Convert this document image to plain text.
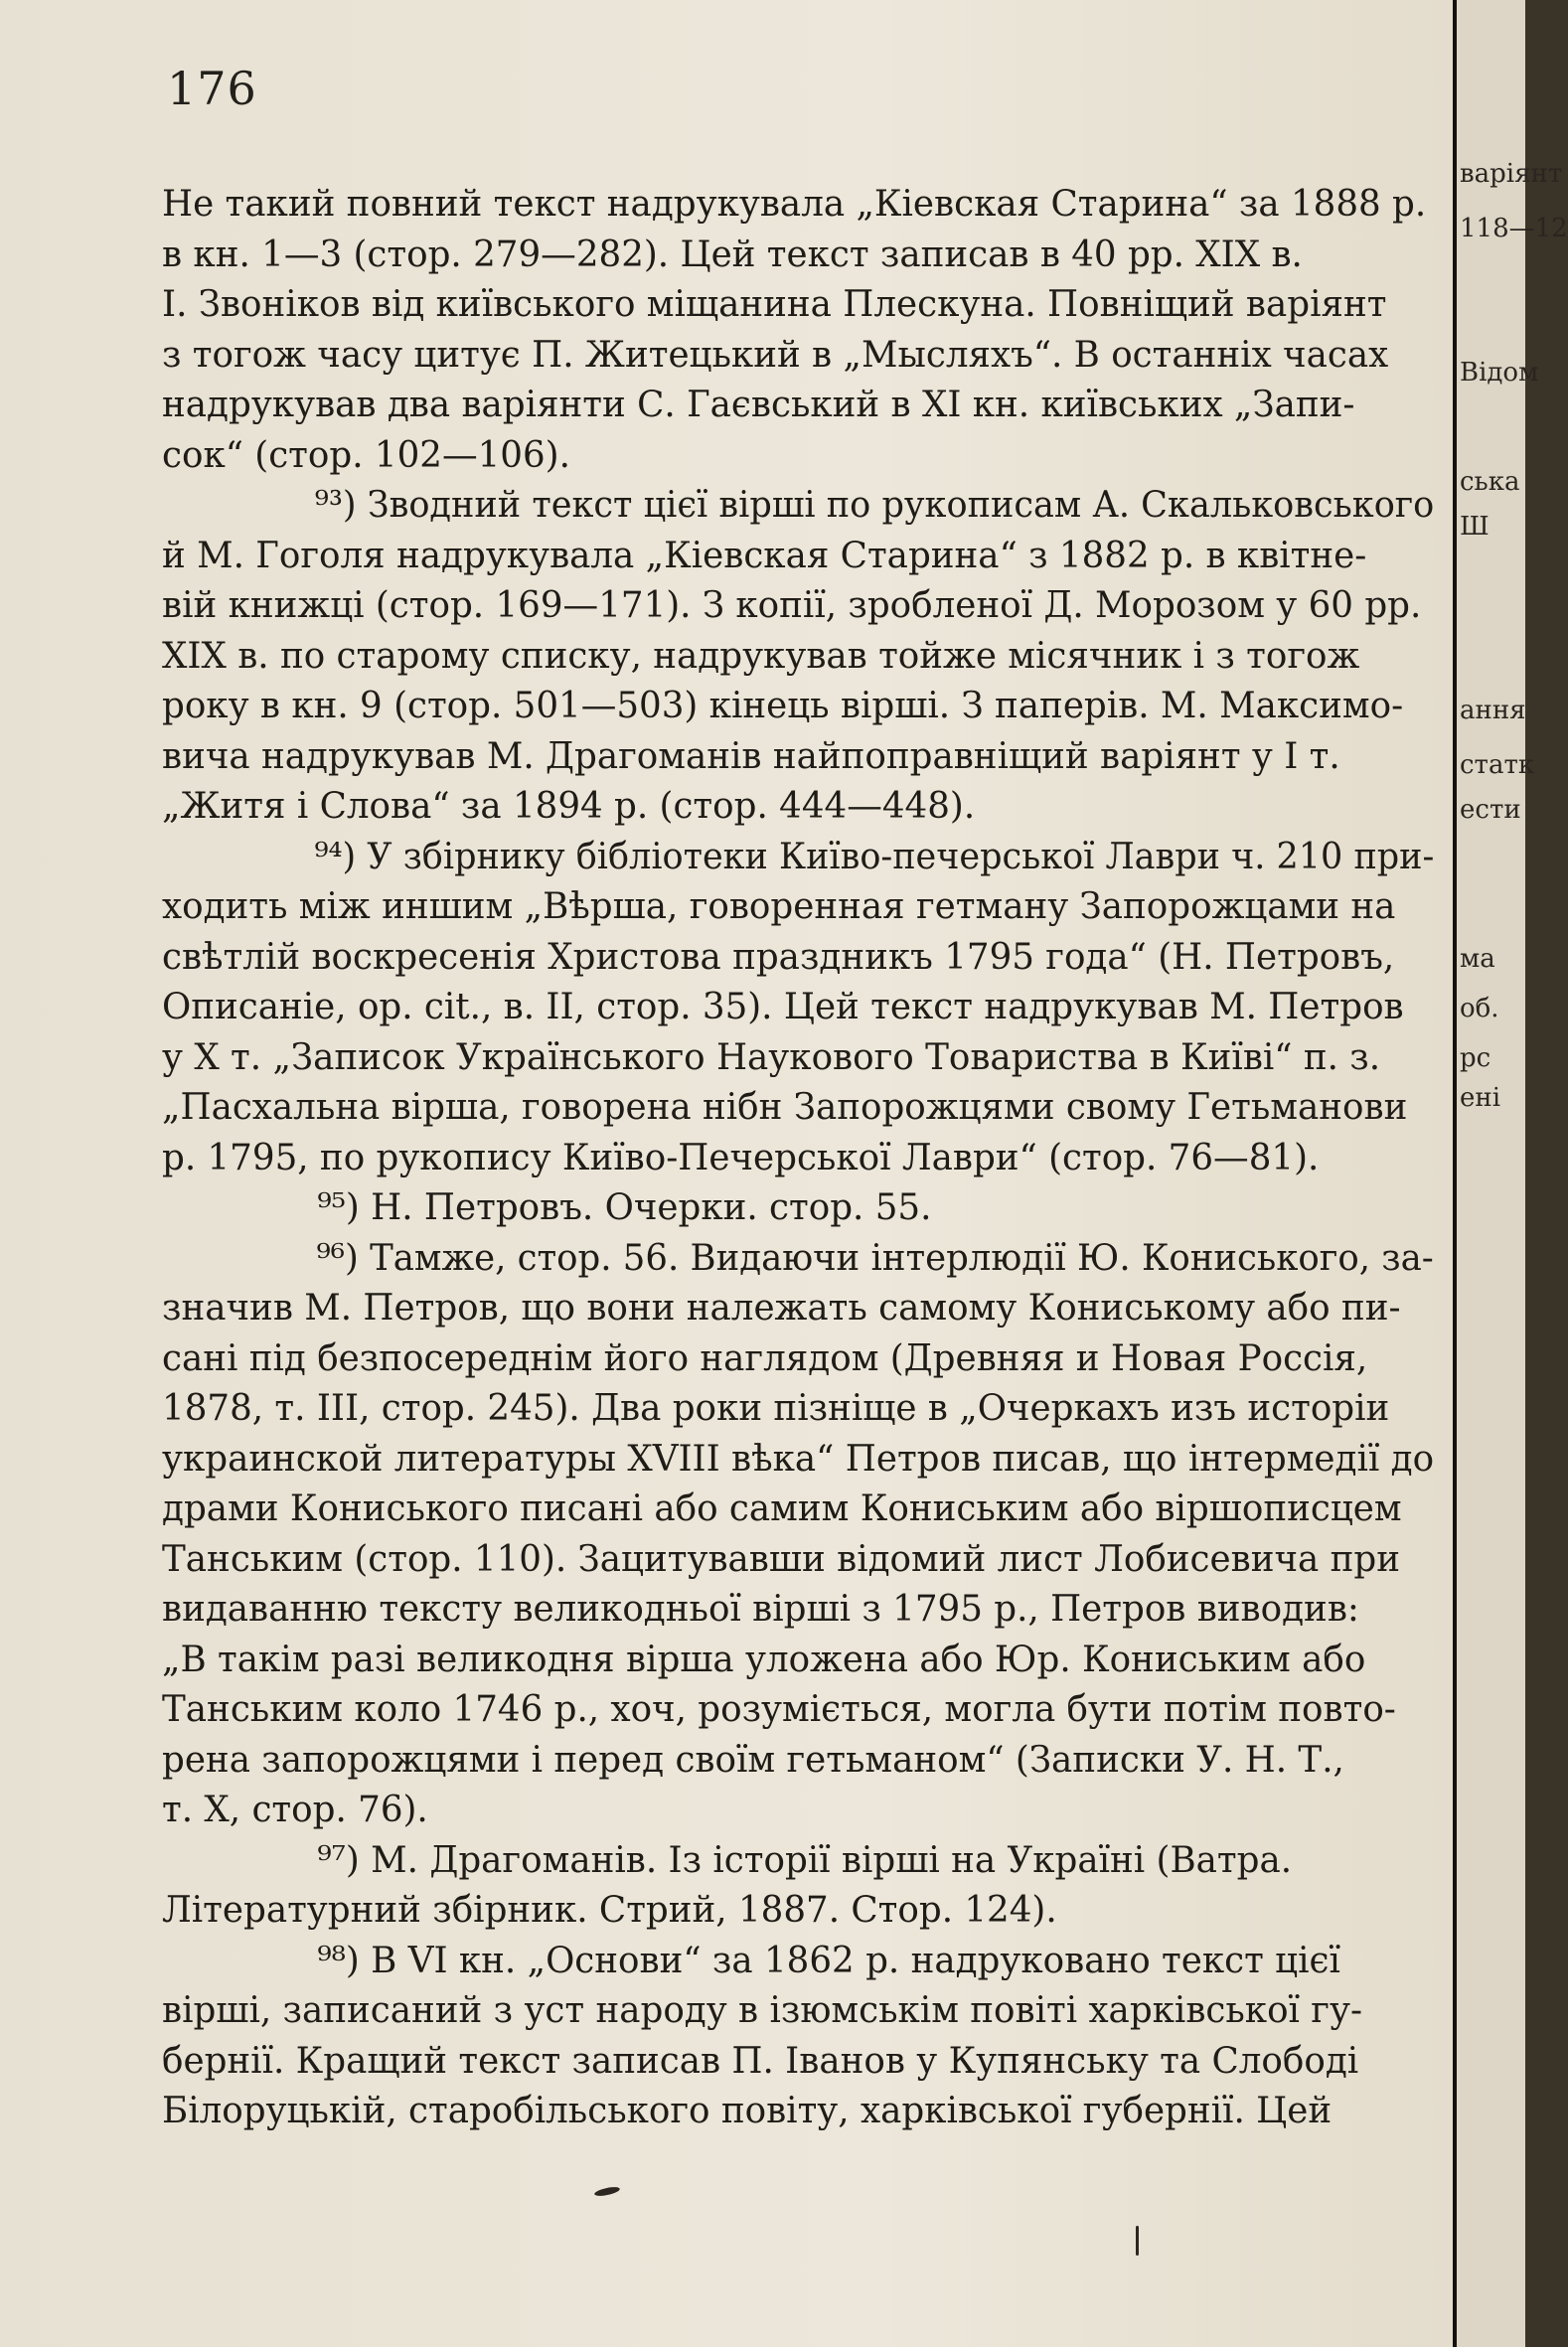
176
Не такий повний текст надрукувала „Кіевская Старина“ за 1888 р.
в кн. 1—3 (стор. 279—282). Цей текст записав в 40 рр. XIX в.
І. Звоніков від київського міщанина Плескуна. Повніщий варіянт
з тогож часу цитує П. Житецький в „Мысляхъ“. В останніх часах
надрукував два варіянти С. Гаєвський в XI кн. київських „Запи-
сок“ (стор. 102—106).
⁹³) Зводний текст цієї вірші по рукописам А. Скальковського
й М. Гоголя надрукувала „Кіевская Старина“ з 1882 р. в квітне-
вій книжці (стор. 169—171). З копії, зробленої Д. Морозом у 60 рр.
XIX в. по старому списку, надрукував тойже місячник і з тогож
року в кн. 9 (стор. 501—503) кінець вірші. З паперів. М. Максимо-
вича надрукував М. Драгоманів найпоправніщий варіянт у І т.
„Житя і Слова“ за 1894 р. (стор. 444—448).
⁹⁴) У збірнику бібліотеки Київо-печерської Лаври ч. 210 при-
ходить між иншим „Вѣрша, говоренная гетману Запорожцами на
свѣтлій воскресенія Христова праздникъ 1795 года“ (Н. Петровъ,
Описаніе, ор. сіt., в. II, стор. 35). Цей текст надрукував М. Петров
у X т. „Записок Українського Наукового Товариства в Київі“ п. з.
„Пасхальна вірша, говорена нібн Запорожцями свому Гетьманови
р. 1795, по рукопису Київо-Печерської Лаври“ (стор. 76—81).
⁹⁵) Н. Петровъ. Очерки. стор. 55.
⁹⁶) Тамже, стор. 56. Видаючи інтерлюдії Ю. Кониського, за-
значив М. Петров, що вони належать самому Кониському або пи-
сані під безпосереднім його наглядом (Древняя и Новая Россія,
1878, т. III, стор. 245). Два роки пізніще в „Очеркахъ изъ исторіи
украинской литературы XVIII вѣка“ Петров писав, що інтермедії до
драми Кониського писані або самим Кониським або віршописцем
Танським (стор. 110). Зацитувавши відомий лист Лобисевича при
видаванню тексту великодньої вірші з 1795 р., Петров виводив:
„В такім разі великодня вірша уложена або Юр. Кониським або
Танським коло 1746 р., хоч, розуміється, могла бути потім повто-
рена запорожцями і перед своїм гетьманом“ (Записки У. Н. Т.,
т. X, стор. 76).
⁹⁷) М. Драгоманів. Із історії вірші на Україні (Ватра.
Літературний збірник. Стрий, 1887. Стор. 124).
⁹⁸) В VI кн. „Основи“ за 1862 р. надруковано текст цієї
вірші, записаний з уст народу в ізюмськім повіті харківської гу-
бернії. Кращий текст записав П. Іванов у Купянську та Слободі
Білоруцькій, старобільського повіту, харківської губернії. Цей
варіянт
118—12
Відом
ська
Ш
ання
статк
ести
ма
об.
рс
ені
